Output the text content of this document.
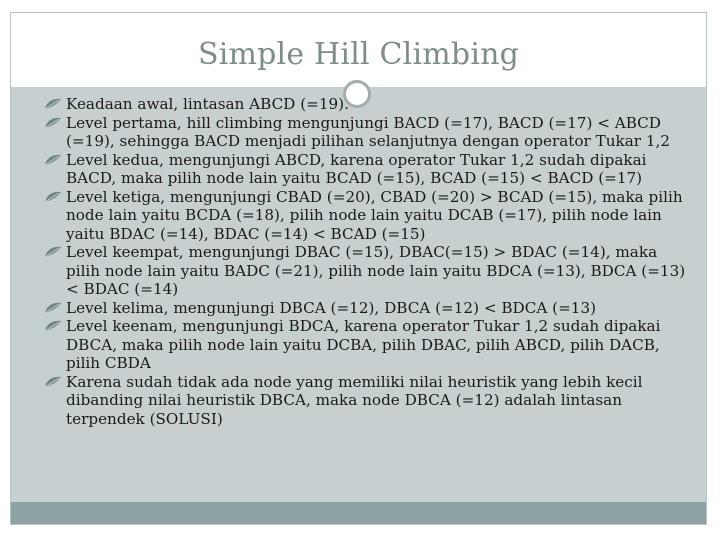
Simple Hill Climbing
Keadaan awal, lintasan ABCD (=19).
Level pertama, hill climbing mengunjungi BACD (=17), BACD (=17) < ABCD (=19), sehingga BACD menjadi pilihan selanjutnya dengan operator Tukar 1,2
Level kedua, mengunjungi ABCD, karena operator Tukar 1,2 sudah dipakai BACD, maka pilih node lain yaitu BCAD (=15), BCAD (=15) < BACD (=17)
Level ketiga, mengunjungi CBAD (=20), CBAD (=20) > BCAD (=15), maka pilih node lain yaitu BCDA (=18), pilih node lain yaitu DCAB (=17), pilih node lain yaitu BDAC (=14), BDAC (=14) < BCAD (=15)
Level keempat, mengunjungi DBAC (=15), DBAC(=15) > BDAC (=14), maka pilih node lain yaitu BADC (=21), pilih node lain yaitu BDCA (=13), BDCA (=13) < BDAC (=14)
Level kelima, mengunjungi DBCA (=12), DBCA (=12) < BDCA (=13)
Level keenam, mengunjungi BDCA, karena operator Tukar 1,2 sudah dipakai DBCA, maka pilih node lain yaitu DCBA, pilih DBAC, pilih ABCD, pilih DACB, pilih CBDA
Karena sudah tidak ada node yang memiliki nilai heuristik yang lebih kecil dibanding nilai heuristik DBCA, maka node DBCA (=12) adalah lintasan terpendek (SOLUSI)
